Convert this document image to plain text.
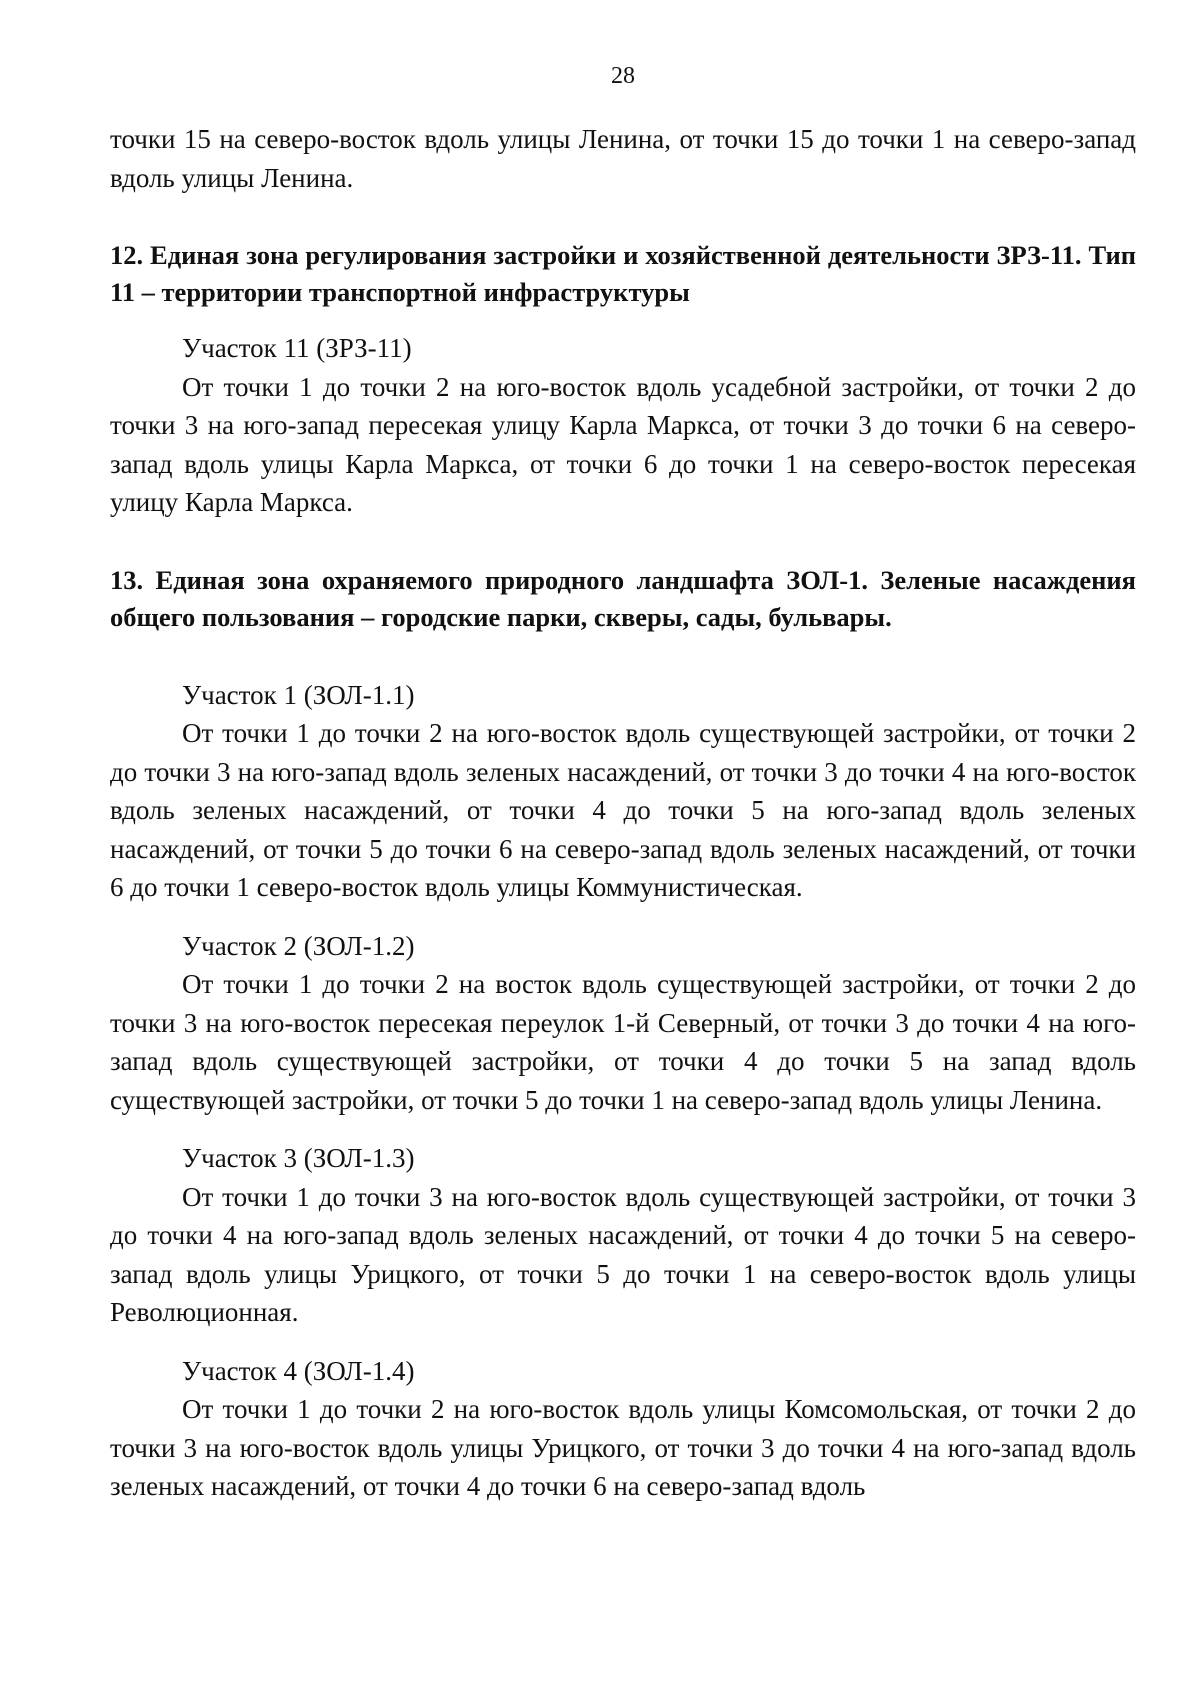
28

точки 15 на северо-восток вдоль улицы Ленина, от точки 15 до точки 1 на северо-запад вдоль улицы Ленина.

12. Единая зона регулирования застройки и хозяйственной деятельности ЗРЗ-11. Тип 11 – территории транспортной инфраструктуры

Участок 11 (ЗРЗ-11)

От точки 1 до точки 2 на юго-восток вдоль усадебной застройки, от точки 2 до точки 3 на юго-запад пересекая улицу Карла Маркса, от точки 3 до точки 6 на северо-запад вдоль улицы Карла Маркса, от точки 6 до точки 1 на северо-восток пересекая улицу Карла Маркса.

13. Единая зона охраняемого природного ландшафта ЗОЛ-1. Зеленые насаждения общего пользования – городские парки, скверы, сады, бульвары.

Участок 1 (ЗОЛ-1.1)

От точки 1 до точки 2 на юго-восток вдоль существующей застройки, от точки 2 до точки 3 на юго-запад вдоль зеленых насаждений, от точки 3 до точки 4 на юго-восток вдоль зеленых насаждений, от точки 4 до точки 5 на юго-запад вдоль зеленых насаждений, от точки 5 до точки 6 на северо-запад вдоль зеленых насаждений, от точки 6 до точки 1 северо-восток вдоль улицы Коммунистическая.

Участок 2 (ЗОЛ-1.2)

От точки 1 до точки 2 на восток вдоль существующей застройки, от точки 2 до точки 3 на юго-восток пересекая переулок 1-й Северный, от точки 3 до точки 4 на юго-запад вдоль существующей застройки, от точки 4 до точки 5 на запад вдоль существующей застройки, от точки 5 до точки 1 на северо-запад вдоль улицы Ленина.

Участок 3 (ЗОЛ-1.3)

От точки 1 до точки 3 на юго-восток вдоль существующей застройки, от точки 3 до точки 4 на юго-запад вдоль зеленых насаждений, от точки 4 до точки 5 на северо-запад вдоль улицы Урицкого, от точки 5 до точки 1 на северо-восток вдоль улицы Революционная.

Участок 4 (ЗОЛ-1.4)

От точки 1 до точки 2 на юго-восток вдоль улицы Комсомольская, от точки 2 до точки 3 на юго-восток вдоль улицы Урицкого, от точки 3 до точки 4 на юго-запад вдоль зеленых насаждений, от точки 4 до точки 6 на северо-запад вдоль
